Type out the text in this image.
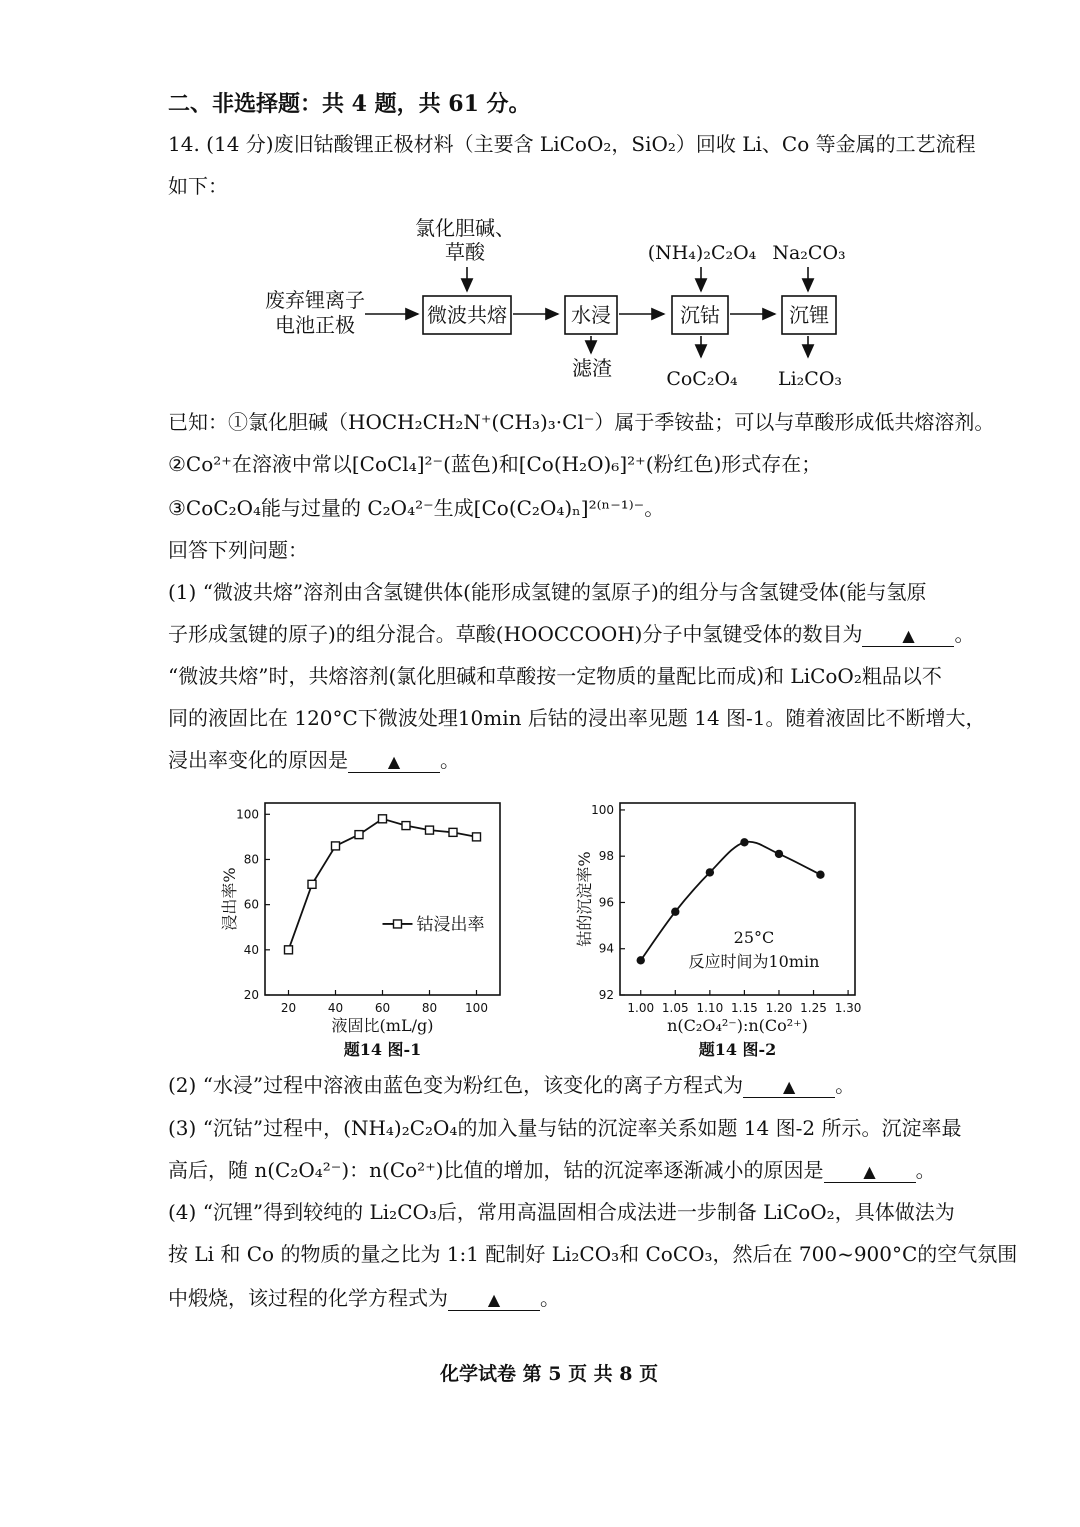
二、非选择题：共 4 题，共 61 分。
14. (14 分)废旧钴酸锂正极材料（主要含 LiCoO₂，SiO₂）回收 Li、Co 等金属的工艺流程
如下：
废弃锂离子
电池正极
氯化胆碱、
草酸
微波共熔	水浸
滤渣
(NH₄)₂C₂O₄
沉钴
CoC₂O₄
Na₂CO₃
沉锂
Li₂CO₃
已知：①氯化胆碱（HOCH₂CH₂N⁺(CH₃)₃·Cl⁻）属于季铵盐；可以与草酸形成低共熔溶剂。
②Co²⁺在溶液中常以[CoCl₄]²⁻(蓝色)和[Co(H₂O)₆]²⁺(粉红色)形式存在；
③CoC₂O₄能与过量的 C₂O₄²⁻生成[Co(C₂O₄)ₙ]²⁽ⁿ⁻¹⁾⁻。
回答下列问题：
(1) “微波共熔”溶剂由含氢键供体(能形成氢键的氢原子)的组分与含氢键受体(能与氢原
子形成氢键的原子)的组分混合。草酸(HOOCCOOH)分子中氢键受体的数目为 ▲ 。
“微波共熔”时，共熔溶剂(氯化胆碱和草酸按一定物质的量配比而成)和 LiCoO₂粗品以不
同的液固比在 120°C下微波处理10min 后钴的浸出率见题 14 图-1。随着液固比不断增大，
浸出率变化的原因是 ▲ 。
20	40	60	80 100
20
40
60
80
100
液固比(mL/g)
浸出率%
题14 图-1
钴浸出率
1.00 1.05 1.10 1.15 1.20 1.25 1.30
92
94
96
98
100
n(C₂O₄²⁻):n(Co²⁺)
钴的沉淀率%
题14 图-2
25°C
反应时间为10min
(2) “水浸”过程中溶液由蓝色变为粉红色，该变化的离子方程式为 ▲ 。
(3) “沉钴”过程中，(NH₄)₂C₂O₄的加入量与钴的沉淀率关系如题 14 图-2 所示。沉淀率最
高后，随 n(C₂O₄²⁻)：n(Co²⁺)比值的增加，钴的沉淀率逐渐减小的原因是 ▲ 。
(4) “沉锂”得到较纯的 Li₂CO₃后，常用高温固相合成法进一步制备 LiCoO₂，具体做法为
按 Li 和 Co 的物质的量之比为 1:1 配制好 Li₂CO₃和 CoCO₃，然后在 700~900°C的空气氛围
中煅烧，该过程的化学方程式为 ▲ 。
化学试卷 第 5 页 共 8 页
